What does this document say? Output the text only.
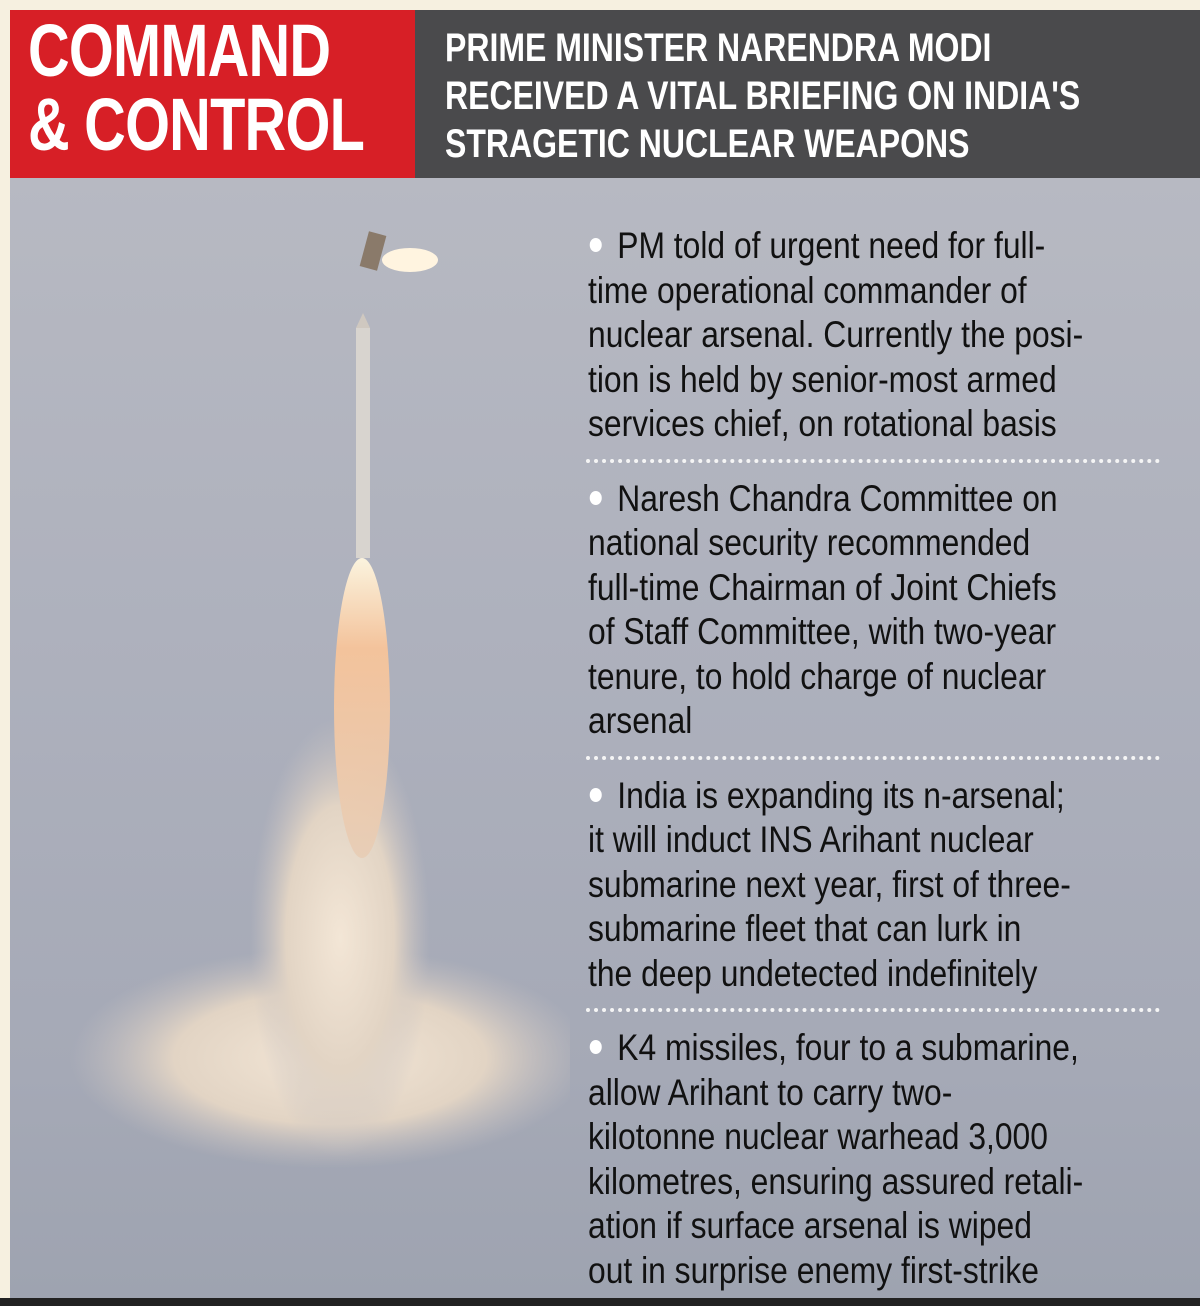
COMMAND
& CONTROL
PRIME MINISTER NARENDRA MODI
RECEIVED A VITAL BRIEFING ON INDIA'S
STRAGETIC NUCLEAR WEAPONS
PM told of urgent need for full-
time operational commander of
nuclear arsenal. Currently the posi-
tion is held by senior-most armed
services chief, on rotational basis
Naresh Chandra Committee on
national security recommended
full-time Chairman of Joint Chiefs
of Staff Committee, with two-year
tenure, to hold charge of nuclear
arsenal
India is expanding its n-arsenal;
it will induct INS Arihant nuclear
submarine next year, first of three-
submarine fleet that can lurk in
the deep undetected indefinitely
K4 missiles, four to a submarine,
allow Arihant to carry two-
kilotonne nuclear warhead 3,000
kilometres, ensuring assured retali-
ation if surface arsenal is wiped
out in surprise enemy first-strike
